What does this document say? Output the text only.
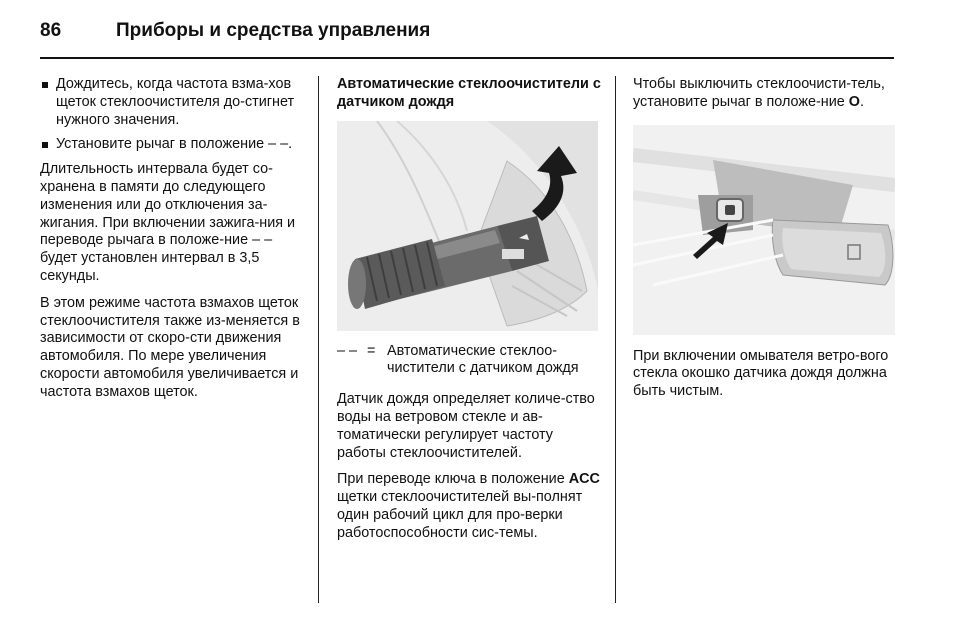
86	Приборы и средства управления
Дождитесь, когда частота взма-хов щеток стеклоочистителя до-стигнет нужного значения.
Установите рычаг в положение ‒ ‒.

Длительность интервала будет со-хранена в памяти до следующего изменения или до отключения за-жигания. При включении зажига-ния и переводе рычага в положе-ние ‒ ‒ будет установлен интервал в 3,5 секунды.

В этом режиме частота взмахов щеток стеклоочистителя также из-меняется в зависимости от скоро-сти движения автомобиля. По мере увеличения скорости автомобиля увеличивается и частота взмахов щеток.

Автоматические стеклоочистители с датчиком дождя
‒ ‒ = Автоматические стеклоо-чистители с датчиком дождя

Датчик дождя определяет количе-ство воды на ветровом стекле и ав-томатически регулирует частоту работы стеклоочистителей.

При переводе ключа в положение ACC щетки стеклоочистителей вы-полнят один рабочий цикл для про-верки работоспособности сис-темы.

Чтобы выключить стеклоочисти-тель, установите рычаг в положе-ние O.

При включении омывателя ветро-вого стекла окошко датчика дождя должна быть чистым.
